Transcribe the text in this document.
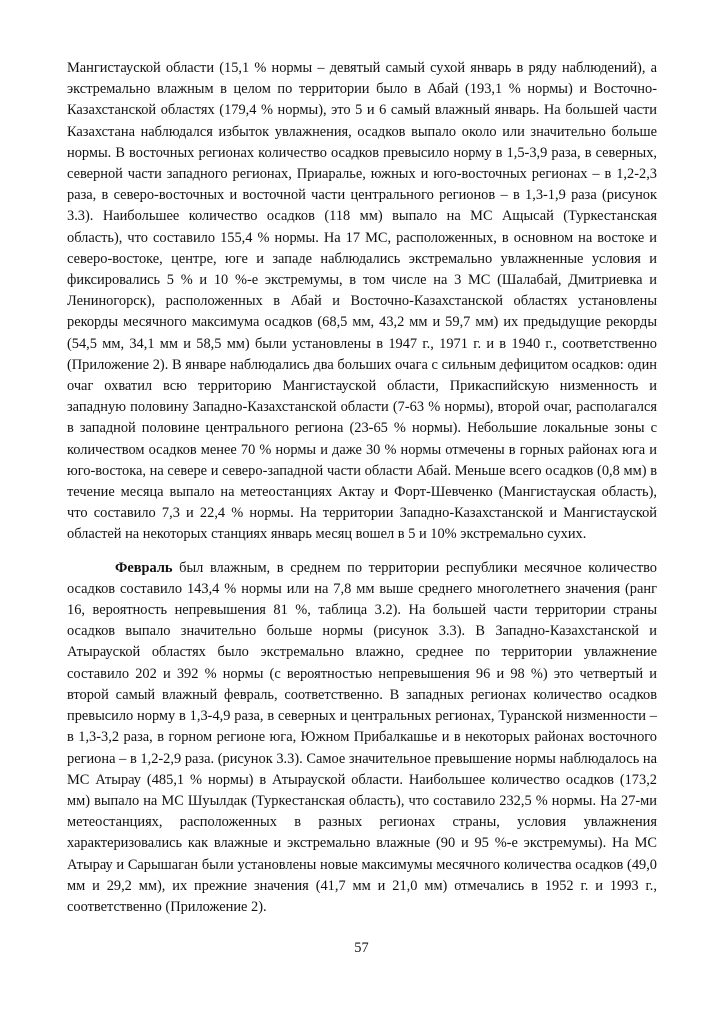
Мангистауской области (15,1 % нормы – девятый самый сухой январь в ряду наблюдений), а экстремально влажным в целом по территории было в Абай (193,1 % нормы) и Восточно-Казахстанской областях (179,4 % нормы), это 5 и 6 самый влажный январь. На большей части Казахстана наблюдался избыток увлажнения, осадков выпало около или значительно больше нормы. В восточных регионах количество осадков превысило норму в 1,5-3,9 раза, в северных, северной части западного регионах, Приаралье, южных и юго-восточных регионах – в 1,2-2,3 раза, в северо-восточных и восточной части центрального регионов – в 1,3-1,9 раза (рисунок 3.3). Наибольшее количество осадков (118 мм) выпало на МС Ащысай (Туркестанская область), что составило 155,4 % нормы. На 17 МС, расположенных, в основном на востоке и северо-востоке, центре, юге и западе наблюдались экстремально увлажненные условия и фиксировались 5 % и 10 %-е экстремумы, в том числе на 3 МС (Шалабай, Дмитриевка и Лениногорск), расположенных в Абай и Восточно-Казахстанской областях установлены рекорды месячного максимума осадков (68,5 мм, 43,2 мм и 59,7 мм) их предыдущие рекорды (54,5 мм, 34,1 мм и 58,5 мм) были установлены в 1947 г., 1971 г. и в 1940 г., соответственно (Приложение 2). В январе наблюдались два больших очага с сильным дефицитом осадков: один очаг охватил всю территорию Мангистауской области, Прикаспийскую низменность и западную половину Западно-Казахстанской области (7-63 % нормы), второй очаг, располагался в западной половине центрального региона (23-65 % нормы). Небольшие локальные зоны с количеством осадков менее 70 % нормы и даже 30 % нормы отмечены в горных районах юга и юго-востока, на севере и северо-западной части области Абай. Меньше всего осадков (0,8 мм) в течение месяца выпало на метеостанциях Актау и Форт-Шевченко (Мангистауская область), что составило 7,3 и 22,4 % нормы. На территории Западно-Казахстанской и Мангистауской областей на некоторых станциях январь месяц вошел в 5 и 10% экстремально сухих.

Февраль был влажным, в среднем по территории республики месячное количество осадков составило 143,4 % нормы или на 7,8 мм выше среднего многолетнего значения (ранг 16, вероятность непревышения 81 %, таблица 3.2). На большей части территории страны осадков выпало значительно больше нормы (рисунок 3.3). В Западно-Казахстанской и Атырауской областях было экстремально влажно, среднее по территории увлажнение составило 202 и 392 % нормы (с вероятностью непревышения 96 и 98 %) это четвертый и второй самый влажный февраль, соответственно. В западных регионах количество осадков превысило норму в 1,3-4,9 раза, в северных и центральных регионах, Туранской низменности – в 1,3-3,2 раза, в горном регионе юга, Южном Прибалкашье и в некоторых районах восточного региона – в 1,2-2,9 раза. (рисунок 3.3). Самое значительное превышение нормы наблюдалось на МС Атырау (485,1 % нормы) в Атырауской области. Наибольшее количество осадков (173,2 мм) выпало на МС Шуылдак (Туркестанская область), что составило 232,5 % нормы. На 27-ми метеостанциях, расположенных в разных регионах страны, условия увлажнения характеризовались как влажные и экстремально влажные (90 и 95 %-е экстремумы). На МС Атырау и Сарышаган были установлены новые максимумы месячного количества осадков (49,0 мм и 29,2 мм), их прежние значения (41,7 мм и 21,0 мм) отмечались в 1952 г. и 1993 г., соответственно (Приложение 2).

57
